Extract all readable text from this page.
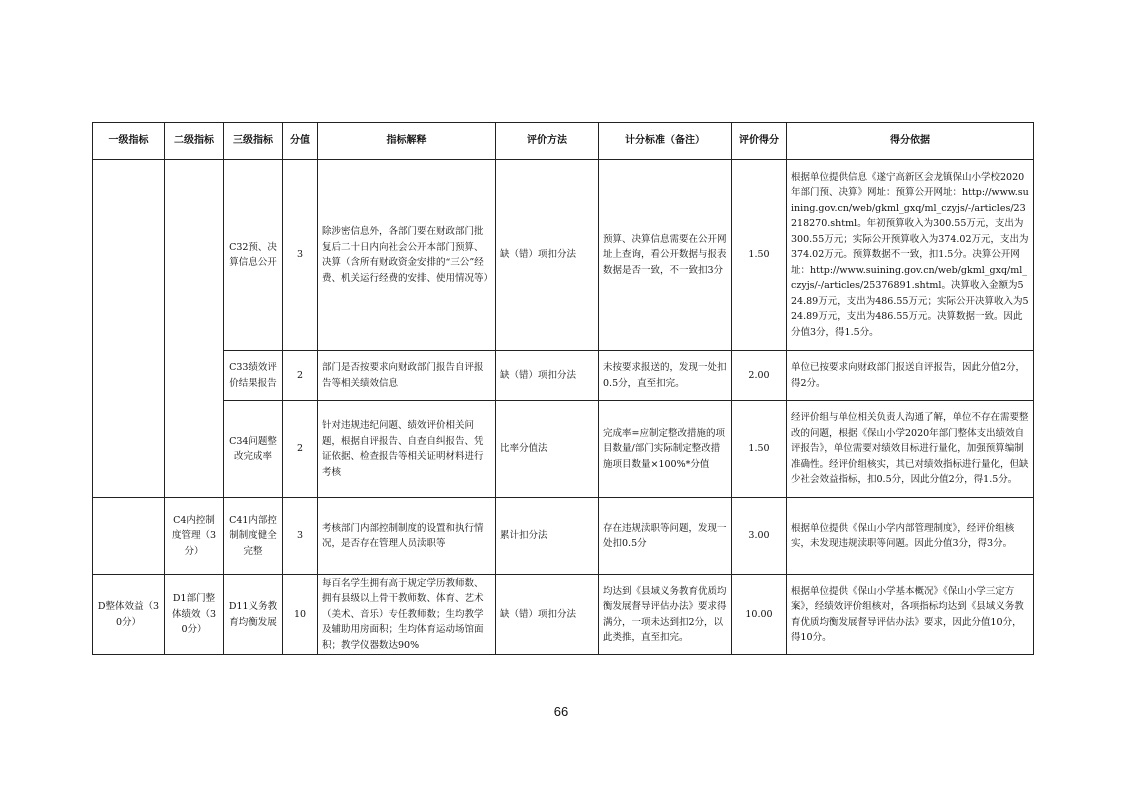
一级指标	二级指标	三级指标	分值	指标解释	评价方法	计分标准（备注）	评价得分	得分依据
		C32预、决算信息公开	3	除涉密信息外，各部门要在财政部门批复后二十日内向社会公开本部门预算、决算（含所有财政资金安排的“三公”经费、机关运行经费的安排、使用情况等）	缺（错）项扣分法	预算、决算信息需要在公开网址上查询，看公开数据与报表数据是否一致，不一致扣3分	1.50	根据单位提供信息《遂宁高新区会龙镇保山小学校2020年部门预、决算》网址：预算公开网址：http://www.suining.gov.cn/web/gkml_gxq/ml_czyjs/-/articles/23218270.shtml。年初预算收入为300.55万元，支出为300.55万元；实际公开预算收入为374.02万元，支出为374.02万元。预算数据不一致，扣1.5分。决算公开网址：http://www.suining.gov.cn/web/gkml_gxq/ml_czyjs/-/articles/25376891.shtml。决算收入金额为524.89万元，支出为486.55万元；实际公开决算收入为524.89万元，支出为486.55万元。决算数据一致。因此分值3分，得1.5分。
		C33绩效评价结果报告	2	部门是否按要求向财政部门报告自评报告等相关绩效信息	缺（错）项扣分法	未按要求报送的，发现一处扣0.5分，直至扣完。	2.00	单位已按要求向财政部门报送自评报告，因此分值2分，得2分。
		C34问题整改完成率	2	针对违规违纪问题、绩效评价相关问题，根据自评报告、自查自纠报告、凭证依据、检查报告等相关证明材料进行考核	比率分值法	完成率=应制定整改措施的项目数量/部门实际制定整改措施项目数量×100%*分值	1.50	经评价组与单位相关负责人沟通了解，单位不存在需要整改的问题，根据《保山小学2020年部门整体支出绩效自评报告》，单位需要对绩效目标进行量化，加强预算编制准确性。经评价组核实，其已对绩效指标进行量化，但缺少社会效益指标，扣0.5分，因此分值2分，得1.5分。
	C4内控制度管理（3分）	C41内部控制制度健全完整	3	考核部门内部控制制度的设置和执行情况，是否存在管理人员渎职等	累计扣分法	存在违规渎职等问题，发现一处扣0.5分	3.00	根据单位提供《保山小学内部管理制度》，经评价组核实，未发现违规渎职等问题。因此分值3分，得3分。
D整体效益（30分）	D1部门整体绩效（30分）	D11义务教育均衡发展	10	每百名学生拥有高于规定学历教师数、拥有县级以上骨干教师数、体育、艺术（美术、音乐）专任教师数；生均教学及辅助用房面积；生均体育运动场馆面积；教学仪器数达90%	缺（错）项扣分法	均达到《县域义务教育优质均衡发展督导评估办法》要求得满分，一项未达到扣2分，以此类推，直至扣完。	10.00	根据单位提供《保山小学基本概况》《保山小学三定方案》，经绩效评价组核对，各项指标均达到《县域义务教育优质均衡发展督导评估办法》要求，因此分值10分，得10分。
66
